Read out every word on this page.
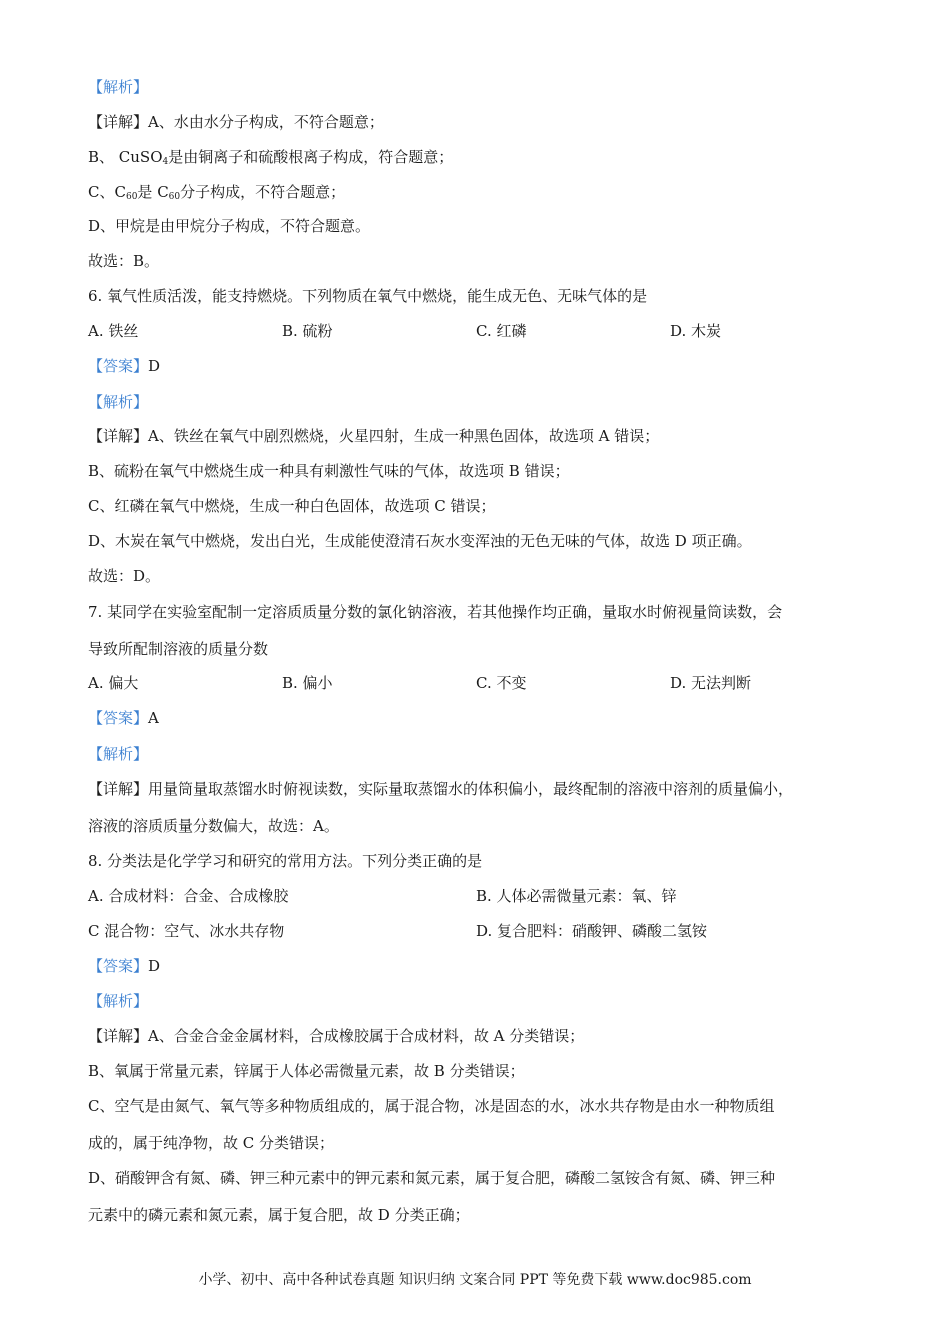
【解析】
【详解】A、水由水分子构成，不符合题意；
B、 CuSO$_4$是由铜离子和硫酸根离子构成，符合题意；
C、$C_{60}$是 $C_{60}$分子构成，不符合题意；
D、甲烷是由甲烷分子构成，不符合题意。
故选：B。
6. 氧气性质活泼，能支持燃烧。下列物质在氧气中燃烧，能生成无色、无味气体的是
A. 铁丝	B. 硫粉	C. 红磷	D. 木炭
【答案】D
【解析】
【详解】A、铁丝在氧气中剧烈燃烧，火星四射，生成一种黑色固体，故选项 A 错误；
B、硫粉在氧气中燃烧生成一种具有刺激性气味的气体，故选项 B 错误；
C、红磷在氧气中燃烧，生成一种白色固体，故选项 C 错误；
D、木炭在氧气中燃烧，发出白光，生成能使澄清石灰水变浑浊的无色无味的气体，故选 D 项正确。
故选：D。
7. 某同学在实验室配制一定溶质质量分数的氯化钠溶液，若其他操作均正确，量取水时俯视量筒读数，会
导致所配制溶液的质量分数
A. 偏大	B. 偏小	C. 不变	D. 无法判断
【答案】A
【解析】
【详解】用量筒量取蒸馏水时俯视读数，实际量取蒸馏水的体积偏小，最终配制的溶液中溶剂的质量偏小，
溶液的溶质质量分数偏大，故选：A。
8. 分类法是化学学习和研究的常用方法。下列分类正确的是
A. 合成材料：合金、合成橡胶	B. 人体必需微量元素：氧、锌
C 混合物：空气、冰水共存物	D. 复合肥料：硝酸钾、磷酸二氢铵
【答案】D
【解析】
【详解】A、合金合金金属材料，合成橡胶属于合成材料，故 A 分类错误；
B、氧属于常量元素，锌属于人体必需微量元素，故 B 分类错误；
C、空气是由氮气、氧气等多种物质组成的，属于混合物，冰是固态的水，冰水共存物是由水一种物质组
成的，属于纯净物，故 C 分类错误；
D、硝酸钾含有氮、磷、钾三种元素中的钾元素和氮元素，属于复合肥，磷酸二氢铵含有氮、磷、钾三种
元素中的磷元素和氮元素，属于复合肥，故 D 分类正确；
小学、初中、高中各种试卷真题 知识归纳 文案合同 PPT 等免费下载 www.doc985.com
